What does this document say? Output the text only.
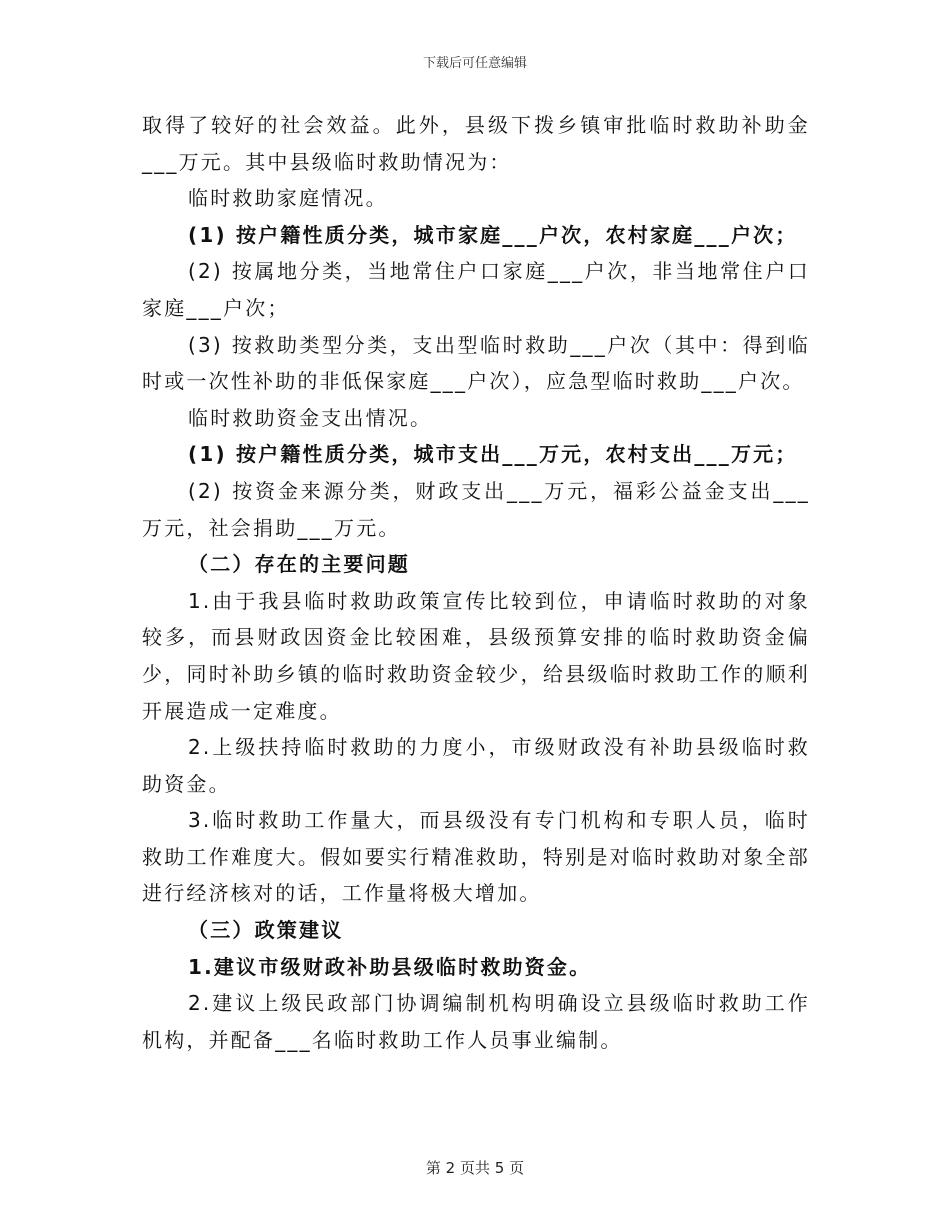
下载后可任意编辑

取得了较好的社会效益。此外，县级下拨乡镇审批临时救助补助金___万元。其中县级临时救助情况为：

临时救助家庭情况。

(1) 按户籍性质分类，城市家庭___户次，农村家庭___户次；

(2) 按属地分类，当地常住户口家庭___户次，非当地常住户口家庭___户次；

(3) 按救助类型分类，支出型临时救助___户次（其中：得到临时或一次性补助的非低保家庭___户次），应急型临时救助___户次。

临时救助资金支出情况。

(1) 按户籍性质分类，城市支出___万元，农村支出___万元；

(2) 按资金来源分类，财政支出___万元，福彩公益金支出___万元，社会捐助___万元。

（二）存在的主要问题

1.由于我县临时救助政策宣传比较到位，申请临时救助的对象较多，而县财政因资金比较困难，县级预算安排的临时救助资金偏少，同时补助乡镇的临时救助资金较少，给县级临时救助工作的顺利开展造成一定难度。

2.上级扶持临时救助的力度小，市级财政没有补助县级临时救助资金。

3.临时救助工作量大，而县级没有专门机构和专职人员，临时救助工作难度大。假如要实行精准救助，特别是对临时救助对象全部进行经济核对的话，工作量将极大增加。

（三）政策建议

1.建议市级财政补助县级临时救助资金。

2.建议上级民政部门协调编制机构明确设立县级临时救助工作机构，并配备___名临时救助工作人员事业编制。

第 2 页共 5 页
